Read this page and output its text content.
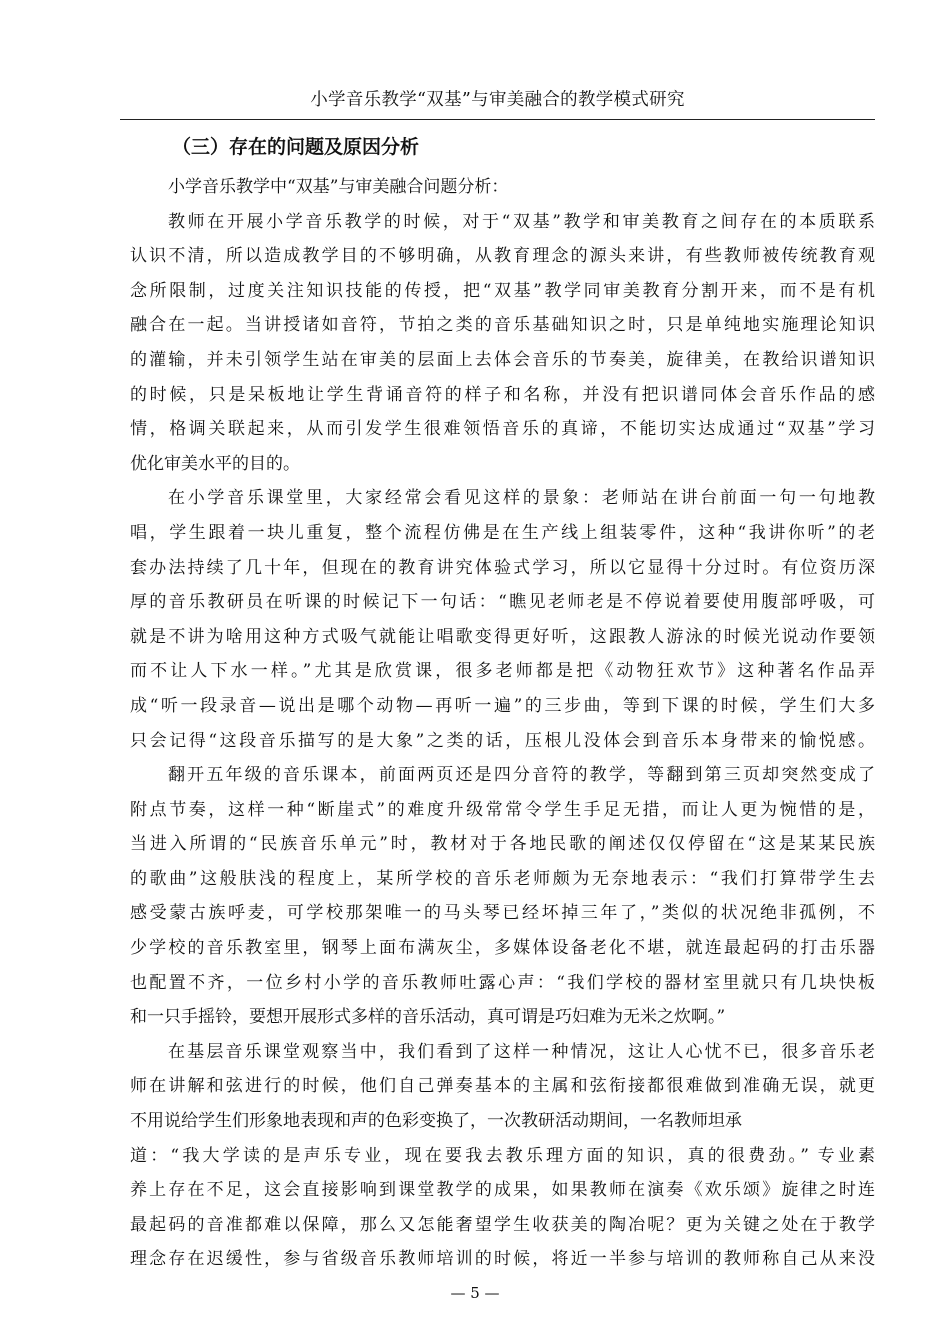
小学音乐教学“双基”与审美融合的教学模式研究
（三）存在的问题及原因分析
小学音乐教学中“双基”与审美融合问题分析：
教师在开展小学音乐教学的时候，对于“双基”教学和审美教育之间存在的本质联系
认识不清，所以造成教学目的不够明确，从教育理念的源头来讲，有些教师被传统教育观
念所限制，过度关注知识技能的传授，把“双基”教学同审美教育分割开来，而不是有机
融合在一起。当讲授诸如音符，节拍之类的音乐基础知识之时，只是单纯地实施理论知识
的灌输，并未引领学生站在审美的层面上去体会音乐的节奏美，旋律美，在教给识谱知识
的时候，只是呆板地让学生背诵音符的样子和名称，并没有把识谱同体会音乐作品的感
情，格调关联起来，从而引发学生很难领悟音乐的真谛，不能切实达成通过“双基”学习
优化审美水平的目的。
在小学音乐课堂里，大家经常会看见这样的景象：老师站在讲台前面一句一句地教
唱，学生跟着一块儿重复，整个流程仿佛是在生产线上组装零件，这种“我讲你听”的老
套办法持续了几十年，但现在的教育讲究体验式学习，所以它显得十分过时。有位资历深
厚的音乐教研员在听课的时候记下一句话：“瞧见老师老是不停说着要使用腹部呼吸，可
就是不讲为啥用这种方式吸气就能让唱歌变得更好听，这跟教人游泳的时候光说动作要领
而不让人下水一样。”尤其是欣赏课，很多老师都是把《动物狂欢节》这种著名作品弄
成“听一段录音—说出是哪个动物—再听一遍”的三步曲，等到下课的时候，学生们大多
只会记得“这段音乐描写的是大象”之类的话，压根儿没体会到音乐本身带来的愉悦感。
翻开五年级的音乐课本，前面两页还是四分音符的教学，等翻到第三页却突然变成了
附点节奏，这样一种“断崖式”的难度升级常常令学生手足无措，而让人更为惋惜的是，
当进入所谓的“民族音乐单元”时，教材对于各地民歌的阐述仅仅停留在“这是某某民族
的歌曲”这般肤浅的程度上，某所学校的音乐老师颇为无奈地表示：“我们打算带学生去
感受蒙古族呼麦，可学校那架唯一的马头琴已经坏掉三年了，”类似的状况绝非孤例，不
少学校的音乐教室里，钢琴上面布满灰尘，多媒体设备老化不堪，就连最起码的打击乐器
也配置不齐，一位乡村小学的音乐教师吐露心声：“我们学校的器材室里就只有几块快板
和一只手摇铃，要想开展形式多样的音乐活动，真可谓是巧妇难为无米之炊啊。”
在基层音乐课堂观察当中，我们看到了这样一种情况，这让人心忧不已，很多音乐老
师在讲解和弦进行的时候，他们自己弹奏基本的主属和弦衔接都很难做到准确无误，就更
不用说给学生们形象地表现和声的色彩变换了，一次教研活动期间，一名教师坦承
道：“我大学读的是声乐专业，现在要我去教乐理方面的知识，真的很费劲。” 专业素
养上存在不足，这会直接影响到课堂教学的成果，如果教师在演奏《欢乐颂》旋律之时连
最起码的音准都难以保障，那么又怎能奢望学生收获美的陶冶呢？更为关键之处在于教学
理念存在迟缓性，参与省级音乐教师培训的时候，将近一半参与培训的教师称自己从来没
— 5 —
